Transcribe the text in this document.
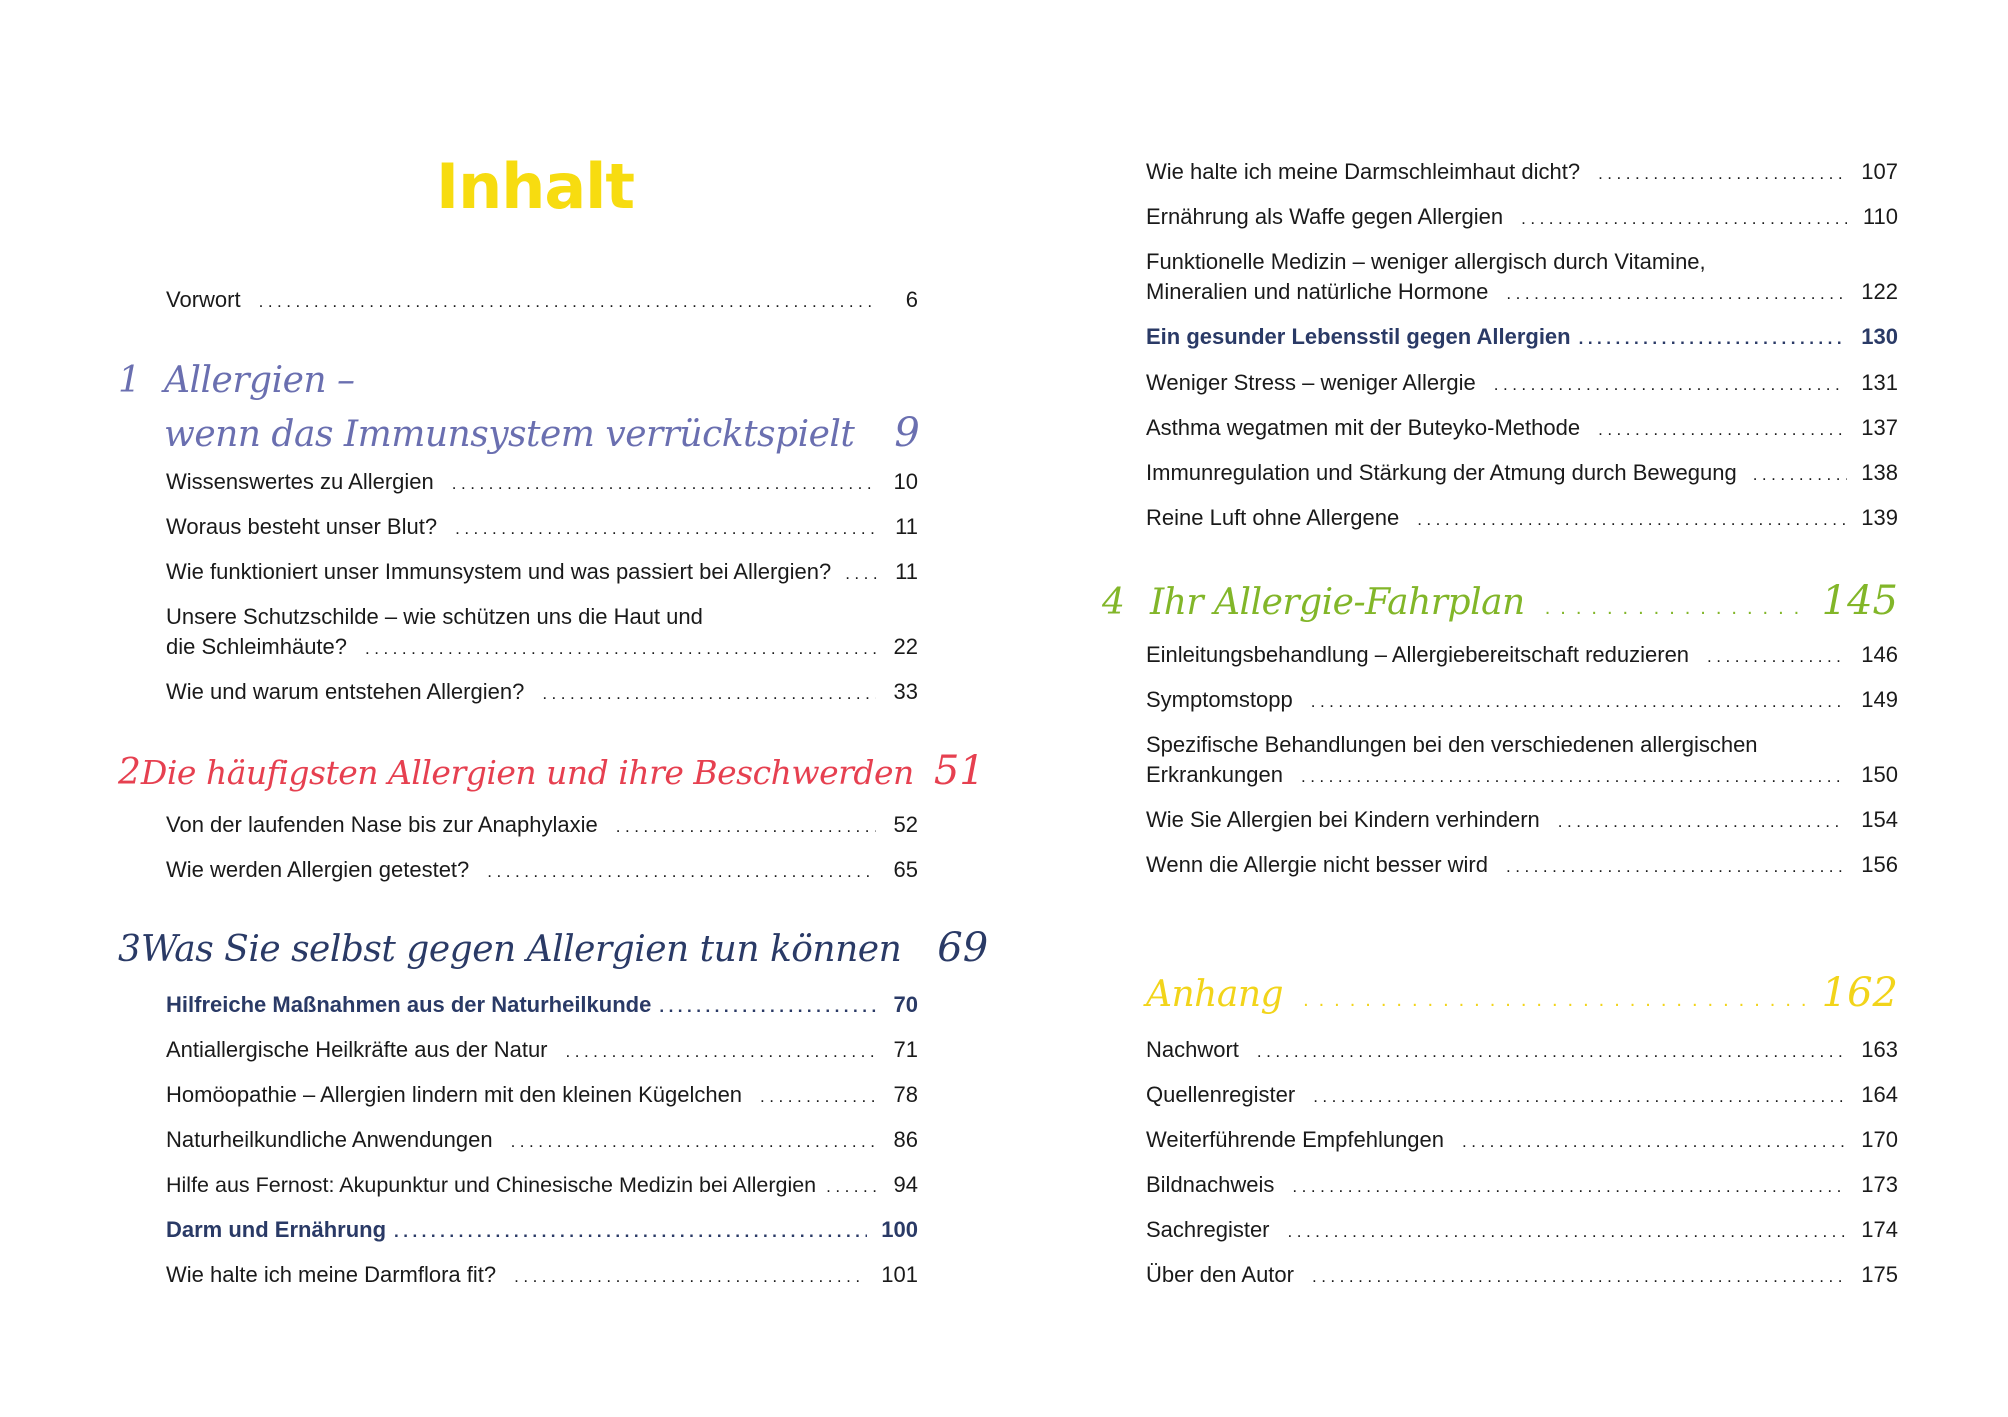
Inhalt
Vorwort .....	6
1 Allergien –
wenn das Immunsystem verrücktspielt 9
Wissenswertes zu Allergien .....	10
Woraus besteht unser Blut? .....	11
Wie funktioniert unser Immunsystem und was passiert bei Allergien? .....	11
Unsere Schutzschilde – wie schützen uns die Haut und
die Schleimhäute? .....	22
Wie und warum entstehen Allergien? .....	33
2 Die häufigsten Allergien und ihre Beschwerden 51
Von der laufenden Nase bis zur Anaphylaxie .....	52
Wie werden Allergien getestet? .....	65
3 Was Sie selbst gegen Allergien tun können 69
Hilfreiche Maßnahmen aus der Naturheilkunde .....	70
Antiallergische Heilkräfte aus der Natur .....	71
Homöopathie – Allergien lindern mit den kleinen Kügelchen .....	78
Naturheilkundliche Anwendungen .....	86
Hilfe aus Fernost: Akupunktur und Chinesische Medizin bei Allergien .....	94
Darm und Ernährung .....	100
Wie halte ich meine Darmflora fit? .....	101
Wie halte ich meine Darmschleimhaut dicht? .....	107
Ernährung als Waffe gegen Allergien .....	110
Funktionelle Medizin – weniger allergisch durch Vitamine,
Mineralien und natürliche Hormone .....	122
Ein gesunder Lebensstil gegen Allergien .....	130
Weniger Stress – weniger Allergie .....	131
Asthma wegatmen mit der Buteyko-Methode .....	137
Immunregulation und Stärkung der Atmung durch Bewegung .....	138
Reine Luft ohne Allergene .....	139
4 Ihr Allergie-Fahrplan .....	145
Einleitungsbehandlung – Allergiebereitschaft reduzieren .....	146
Symptomstopp .....	149
Spezifische Behandlungen bei den verschiedenen allergischen
Erkrankungen .....	150
Wie Sie Allergien bei Kindern verhindern .....	154
Wenn die Allergie nicht besser wird .....	156
Anhang .....	162
Nachwort .....	163
Quellenregister .....	164
Weiterführende Empfehlungen .....	170
Bildnachweis .....	173
Sachregister .....	174
Über den Autor .....	175
